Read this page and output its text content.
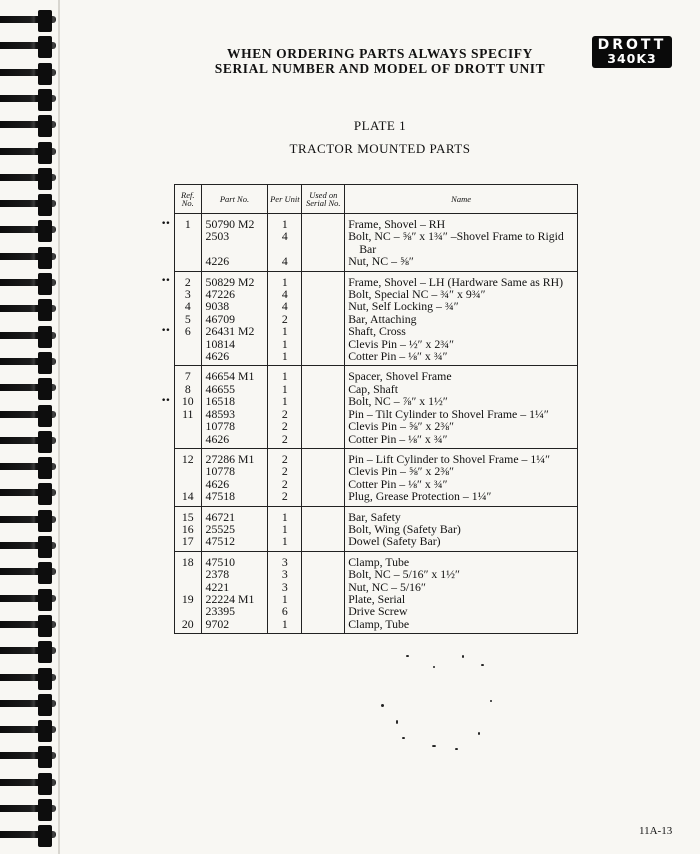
WHEN ORDERING PARTS ALWAYS SPECIFY
SERIAL NUMBER AND MODEL OF DROTT UNIT
DROTT
340K3
PLATE 1
TRACTOR MOUNTED PARTS
Ref. No.	Part No.	Per Unit	Used on Serial No.	Name
1	50790 M2	1		Frame, Shovel – RH
	2503	4		Bolt, NC – ⅝″ x 1¾″ –Shovel Frame to Rigid
				Bar
	4226	4		Nut, NC – ⅝″
2	50829 M2	1		Frame, Shovel – LH (Hardware Same as RH)
3	47226	4		Bolt, Special NC – ¾″ x 9¾″
4	9038	4		Nut, Self Locking – ¾″
5	46709	2		Bar, Attaching
6	26431 M2	1		Shaft, Cross
	10814	1		Clevis Pin – ½″ x 2¾″
	4626	1		Cotter Pin – ⅛″ x ¾″
7	46654 M1	1		Spacer, Shovel Frame
8	46655	1		Cap, Shaft
10	16518	1		Bolt, NC – ⅞″ x 1½″
11	48593	2		Pin – Tilt Cylinder to Shovel Frame – 1¼″
	10778	2		Clevis Pin – ⅝″ x 2⅜″
	4626	2		Cotter Pin – ⅛″ x ¾″
12	27286 M1	2		Pin – Lift Cylinder to Shovel Frame – 1¼″
	10778	2		Clevis Pin – ⅝″ x 2⅜″
	4626	2		Cotter Pin – ⅛″ x ¾″
14	47518	2		Plug, Grease Protection – 1¼″
15	46721	1		Bar, Safety
16	25525	1		Bolt, Wing (Safety Bar)
17	47512	1		Dowel (Safety Bar)
18	47510	3		Clamp, Tube
	2378	3		Bolt, NC – 5/16″ x 1½″
	4221	3		Nut, NC – 5/16″
19	22224 M1	1		Plate, Serial
	23395	6		Drive Screw
20	9702	1		Clamp, Tube
••
••
••
••
11A-13
